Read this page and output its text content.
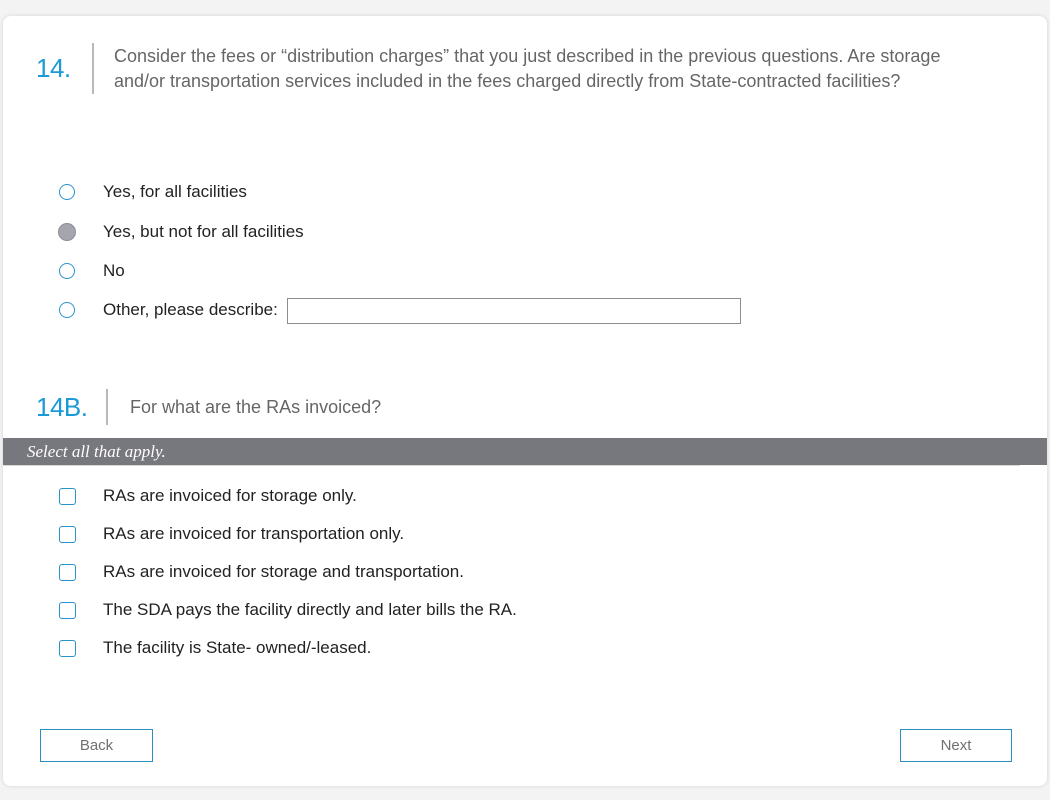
14.	Consider the fees or “distribution charges” that you just described in the previous questions. Are storage
and/or transportation services included in the fees charged directly from State-contracted facilities?
Yes, for all facilities
Yes, but not for all facilities
No
Other, please describe:
14B.	For what are the RAs invoiced?
Select all that apply.
RAs are invoiced for storage only.
RAs are invoiced for transportation only.
RAs are invoiced for storage and transportation.
The SDA pays the facility directly and later bills the RA.
The facility is State- owned/-leased.
Back	Next
